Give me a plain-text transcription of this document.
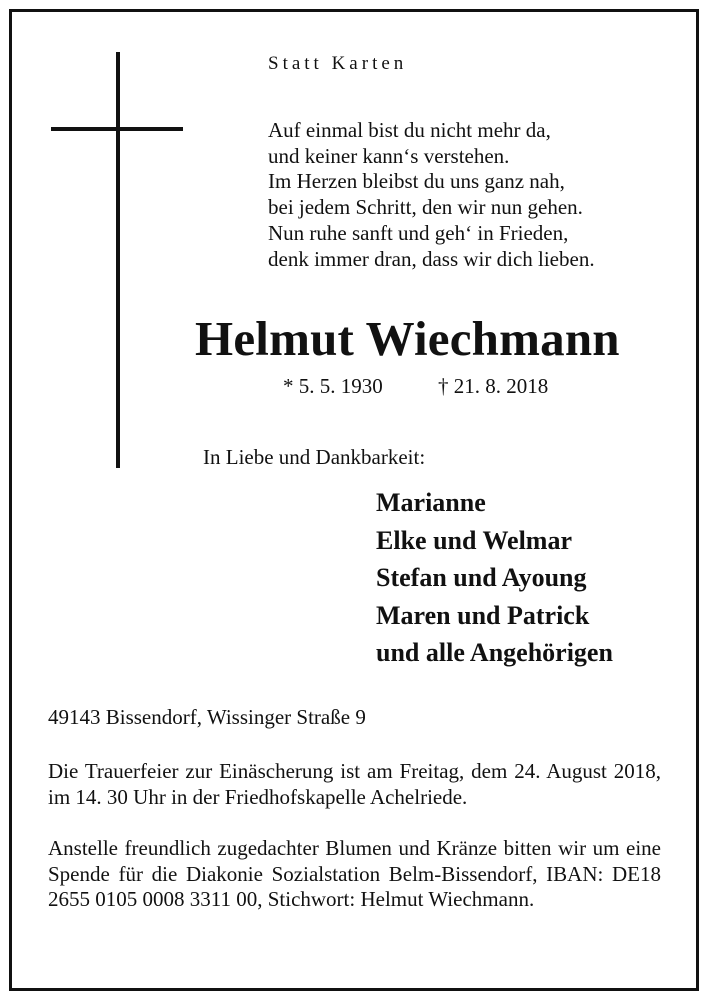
Statt Karten
Auf einmal bist du nicht mehr da,
und keiner kann‘s verstehen.
Im Herzen bleibst du uns ganz nah,
bei jedem Schritt, den wir nun gehen.
Nun ruhe sanft und geh‘ in Frieden,
denk immer dran, dass wir dich lieben.
Helmut Wiechmann
* 5. 5. 1930	† 21. 8. 2018
In Liebe und Dankbarkeit:
Marianne
Elke und Welmar
Stefan und Ayoung
Maren und Patrick
und alle Angehörigen
49143 Bissendorf, Wissinger Straße 9
Die Trauerfeier zur Einäscherung ist am Freitag, dem 24. August 2018, im 14. 30 Uhr in der Friedhofskapelle Achelriede.
Anstelle freundlich zugedachter Blumen und Kränze bitten wir um eine Spende für die Diakonie Sozialstation Belm-Bissendorf, IBAN: DE18 2655 0105 0008 3311 00, Stichwort: Helmut Wiechmann.
